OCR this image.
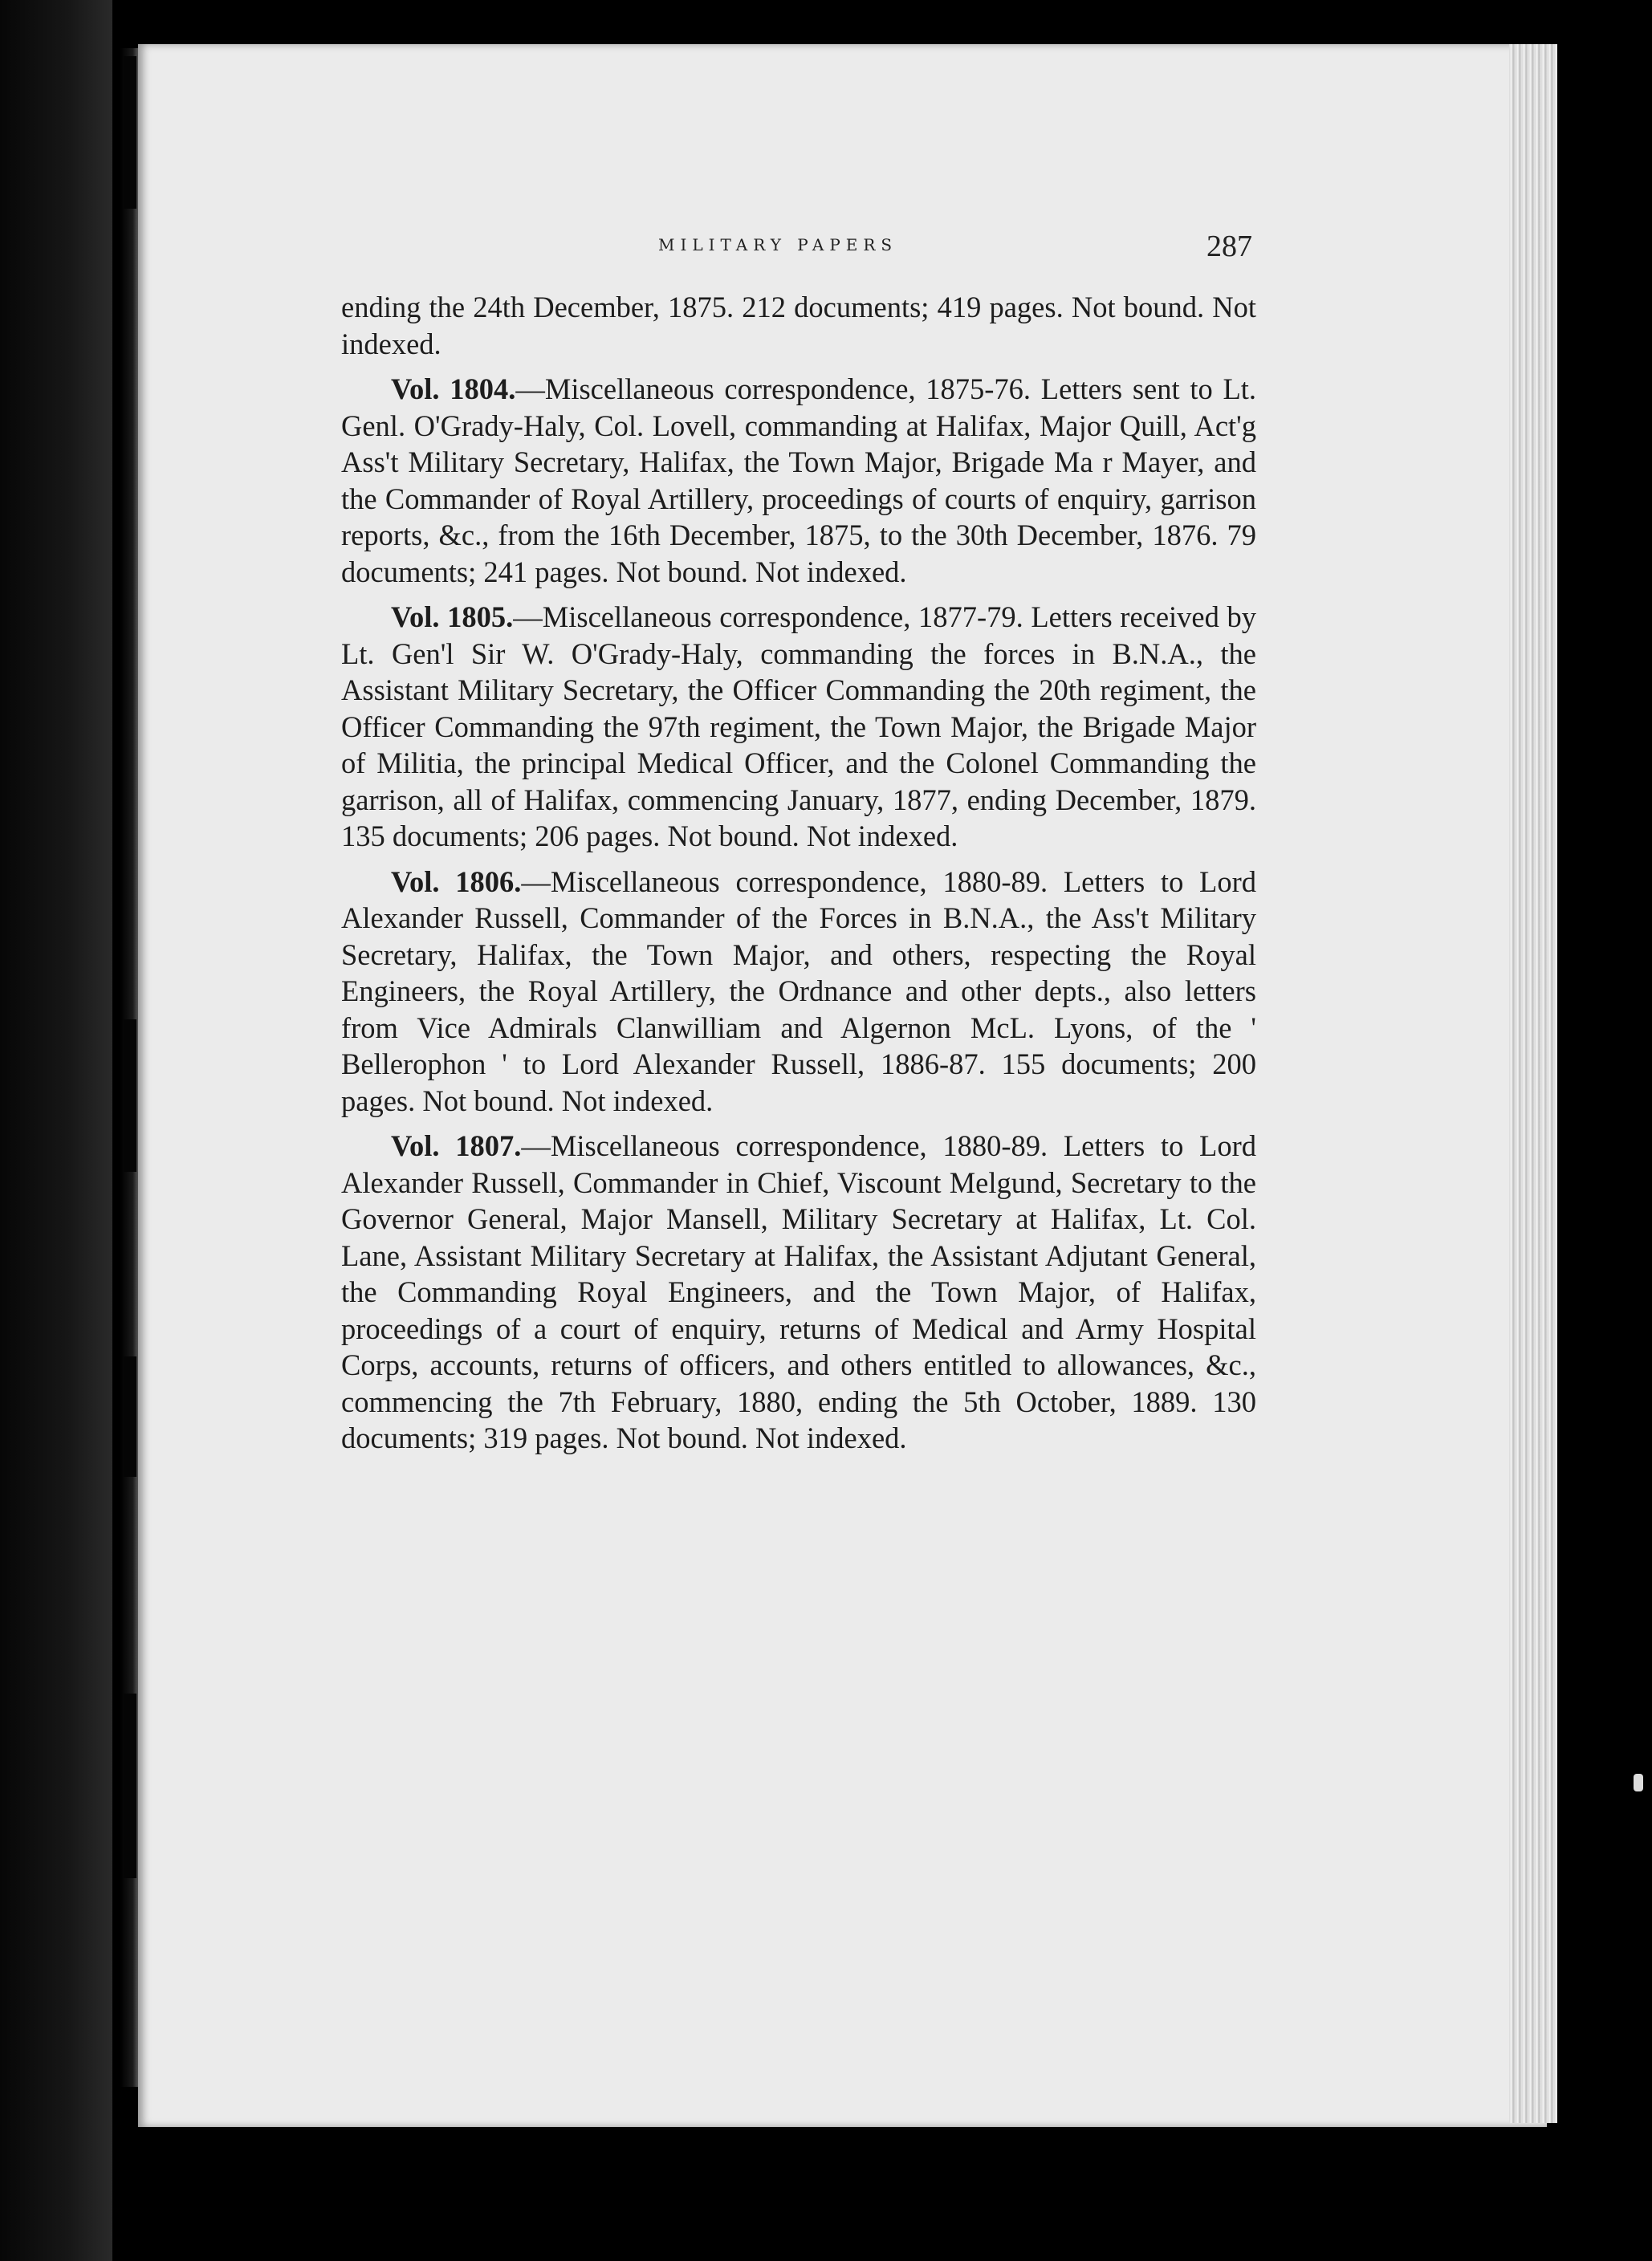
MILITARY PAPERS	287

ending the 24th December, 1875. 212 documents; 419 pages. Not bound. Not indexed.

Vol. 1804.—Miscellaneous correspondence, 1875-76. Letters sent to Lt. Genl. O'Grady-Haly, Col. Lovell, commanding at Halifax, Major Quill, Act'g Ass't Military Secretary, Halifax, the Town Major, Brigade Ma r Mayer, and the Commander of Royal Artillery, proceedings of courts of enquiry, garrison reports, &c., from the 16th December, 1875, to the 30th December, 1876. 79 documents; 241 pages. Not bound. Not indexed.

Vol. 1805.—Miscellaneous correspondence, 1877-79. Letters received by Lt. Gen'l Sir W. O'Grady-Haly, commanding the forces in B.N.A., the Assistant Military Secretary, the Officer Commanding the 20th regiment, the Officer Commanding the 97th regiment, the Town Major, the Brigade Major of Militia, the principal Medical Officer, and the Colonel Commanding the garrison, all of Halifax, commencing January, 1877, ending December, 1879. 135 documents; 206 pages. Not bound. Not indexed.

Vol. 1806.—Miscellaneous correspondence, 1880-89. Letters to Lord Alexander Russell, Commander of the Forces in B.N.A., the Ass't Military Secretary, Halifax, the Town Major, and others, respecting the Royal Engineers, the Royal Artillery, the Ordnance and other depts., also letters from Vice Admirals Clanwilliam and Algernon McL. Lyons, of the ' Bellerophon ' to Lord Alexander Russell, 1886-87. 155 documents; 200 pages. Not bound. Not indexed.

Vol. 1807.—Miscellaneous correspondence, 1880-89. Letters to Lord Alexander Russell, Commander in Chief, Viscount Melgund, Secretary to the Governor General, Major Mansell, Military Secretary at Halifax, Lt. Col. Lane, Assistant Military Secretary at Halifax, the Assistant Adjutant General, the Commanding Royal Engineers, and the Town Major, of Halifax, proceedings of a court of enquiry, returns of Medical and Army Hospital Corps, accounts, returns of officers, and others entitled to allowances, &c., commencing the 7th February, 1880, ending the 5th October, 1889. 130 documents; 319 pages. Not bound. Not indexed.
